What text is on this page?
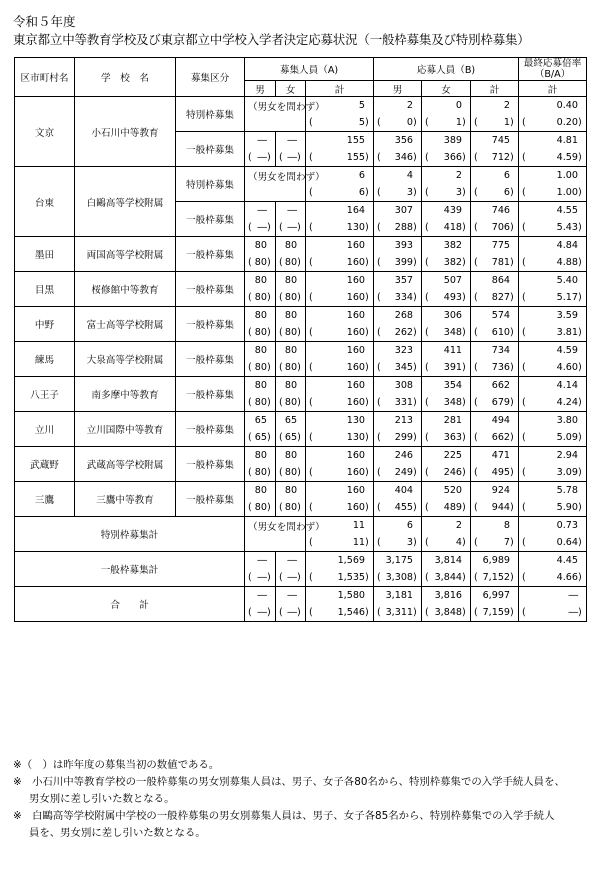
令和５年度
東京都立中等教育学校及び東京都立中学校入学者決定応募状況（一般枠募集及び特別枠募集）
区市町村名	学　校　名	募集区分	募集人員（A)			応募人員（B)			最終応募倍率
（B/A）
			男	女	計	男	女	計	計
文京	小石川中等教育	特別枠募集	（男女を問わず）		5	2	0	2	0.40

					( 5 )	( 0 )	( 1 )	( 1 )	( 0.20 )

		一般枠募集	―	―	155	356	389	745	4.81

			( ― )	( ― )	( 155 )	( 346 )	( 366 )	( 712 )	( 4.59 )

台東	白鷗高等学校附属	特別枠募集	（男女を問わず）		6	4	2	6	1.00

					( 6 )	( 3 )	( 3 )	( 6 )	( 1.00 )

		一般枠募集	―	―	164	307	439	746	4.55

			( ― )	( ― )	( 130 )	( 288 )	( 418 )	( 706 )	( 5.43 )

墨田	両国高等学校附属	一般枠募集	80	80	160	393	382	775	4.84

			( 80 )	( 80 )	( 160 )	( 399 )	( 382 )	( 781 )	( 4.88 )

目黒	桜修館中等教育	一般枠募集	80	80	160	357	507	864	5.40

			( 80 )	( 80 )	( 160 )	( 334 )	( 493 )	( 827 )	( 5.17 )

中野	富士高等学校附属	一般枠募集	80	80	160	268	306	574	3.59

			( 80 )	( 80 )	( 160 )	( 262 )	( 348 )	( 610 )	( 3.81 )

練馬	大泉高等学校附属	一般枠募集	80	80	160	323	411	734	4.59

			( 80 )	( 80 )	( 160 )	( 345 )	( 391 )	( 736 )	( 4.60 )

八王子	南多摩中等教育	一般枠募集	80	80	160	308	354	662	4.14

			( 80 )	( 80 )	( 160 )	( 331 )	( 348 )	( 679 )	( 4.24 )

立川	立川国際中等教育	一般枠募集	65	65	130	213	281	494	3.80

			( 65 )	( 65 )	( 130 )	( 299 )	( 363 )	( 662 )	( 5.09 )

武蔵野	武蔵高等学校附属	一般枠募集	80	80	160	246	225	471	2.94

			( 80 )	( 80 )	( 160 )	( 249 )	( 246 )	( 495 )	( 3.09 )

三鷹	三鷹中等教育	一般枠募集	80	80	160	404	520	924	5.78

			( 80 )	( 80 )	( 160 )	( 455 )	( 489 )	( 944 )	( 5.90 )

特別枠募集計			（男女を問わず）		11	6	2	8	0.73

					( 11 )	( 3 )	( 4 )	( 7 )	( 0.64 )

一般枠募集計			―	―	1,569	3,175	3,814	6,989	4.45

			( ― )	( ― )	( 1,535 )	( 3,308 )	( 3,844 )	( 7,152 )	( 4.66 )

合　　計			―	―	1,580	3,181	3,816	6,997	―

			( ― )	( ― )	( 1,546 )	( 3,311 )	( 3,848 )	( 7,159 )	( ― )
※（　）は昨年度の募集当初の数値である。
※　小石川中等教育学校の一般枠募集の男女別募集人員は、男子、女子各80名から、特別枠募集での入学手続人員を、
男女別に差し引いた数となる。
※　白鷗高等学校附属中学校の一般枠募集の男女別募集人員は、男子、女子各85名から、特別枠募集での入学手続人
員を、男女別に差し引いた数となる。
